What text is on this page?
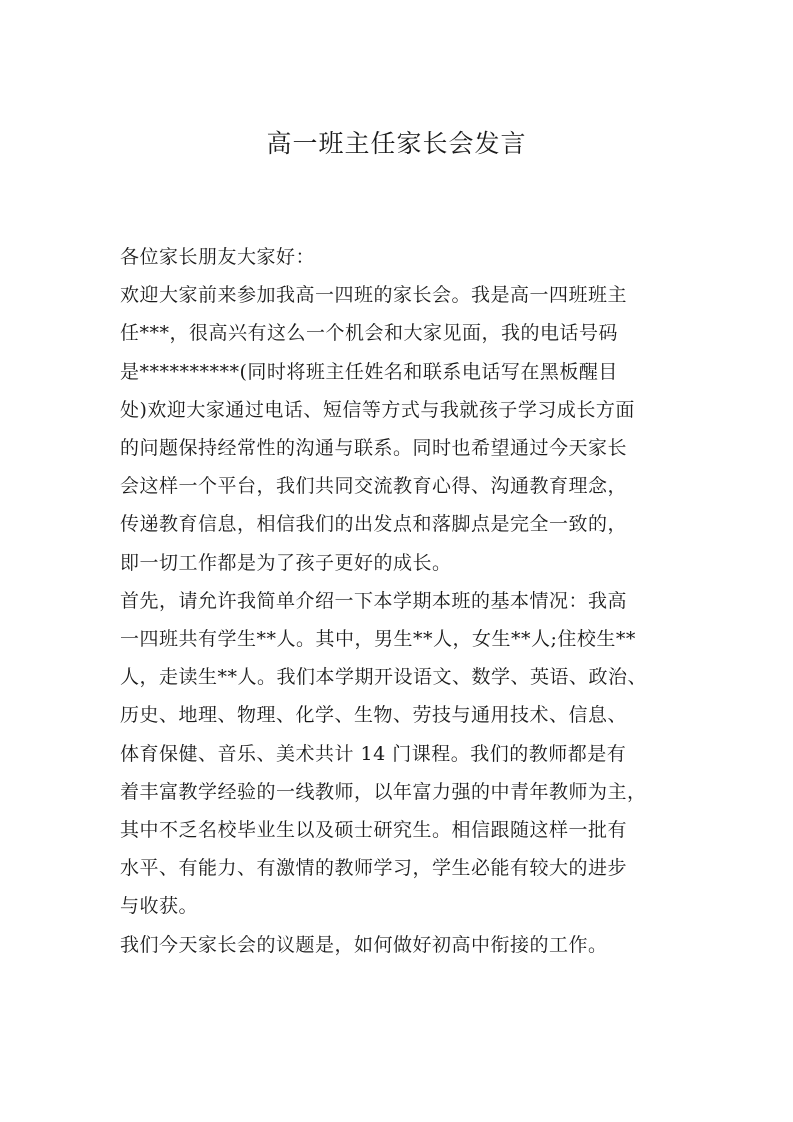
高一班主任家长会发言
各位家长朋友大家好：
欢迎大家前来参加我高一四班的家长会。我是高一四班班主
任***，很高兴有这么一个机会和大家见面，我的电话号码
是**********(同时将班主任姓名和联系电话写在黑板醒目
处)欢迎大家通过电话、短信等方式与我就孩子学习成长方面
的问题保持经常性的沟通与联系。同时也希望通过今天家长
会这样一个平台，我们共同交流教育心得、沟通教育理念，
传递教育信息，相信我们的出发点和落脚点是完全一致的，
即一切工作都是为了孩子更好的成长。
首先，请允许我简单介绍一下本学期本班的基本情况：我高
一四班共有学生**人。其中，男生**人，女生**人;住校生**
人，走读生**人。我们本学期开设语文、数学、英语、政治、
历史、地理、物理、化学、生物、劳技与通用技术、信息、
体育保健、音乐、美术共计 14 门课程。我们的教师都是有
着丰富教学经验的一线教师，以年富力强的中青年教师为主，
其中不乏名校毕业生以及硕士研究生。相信跟随这样一批有
水平、有能力、有激情的教师学习，学生必能有较大的进步
与收获。
我们今天家长会的议题是，如何做好初高中衔接的工作。
